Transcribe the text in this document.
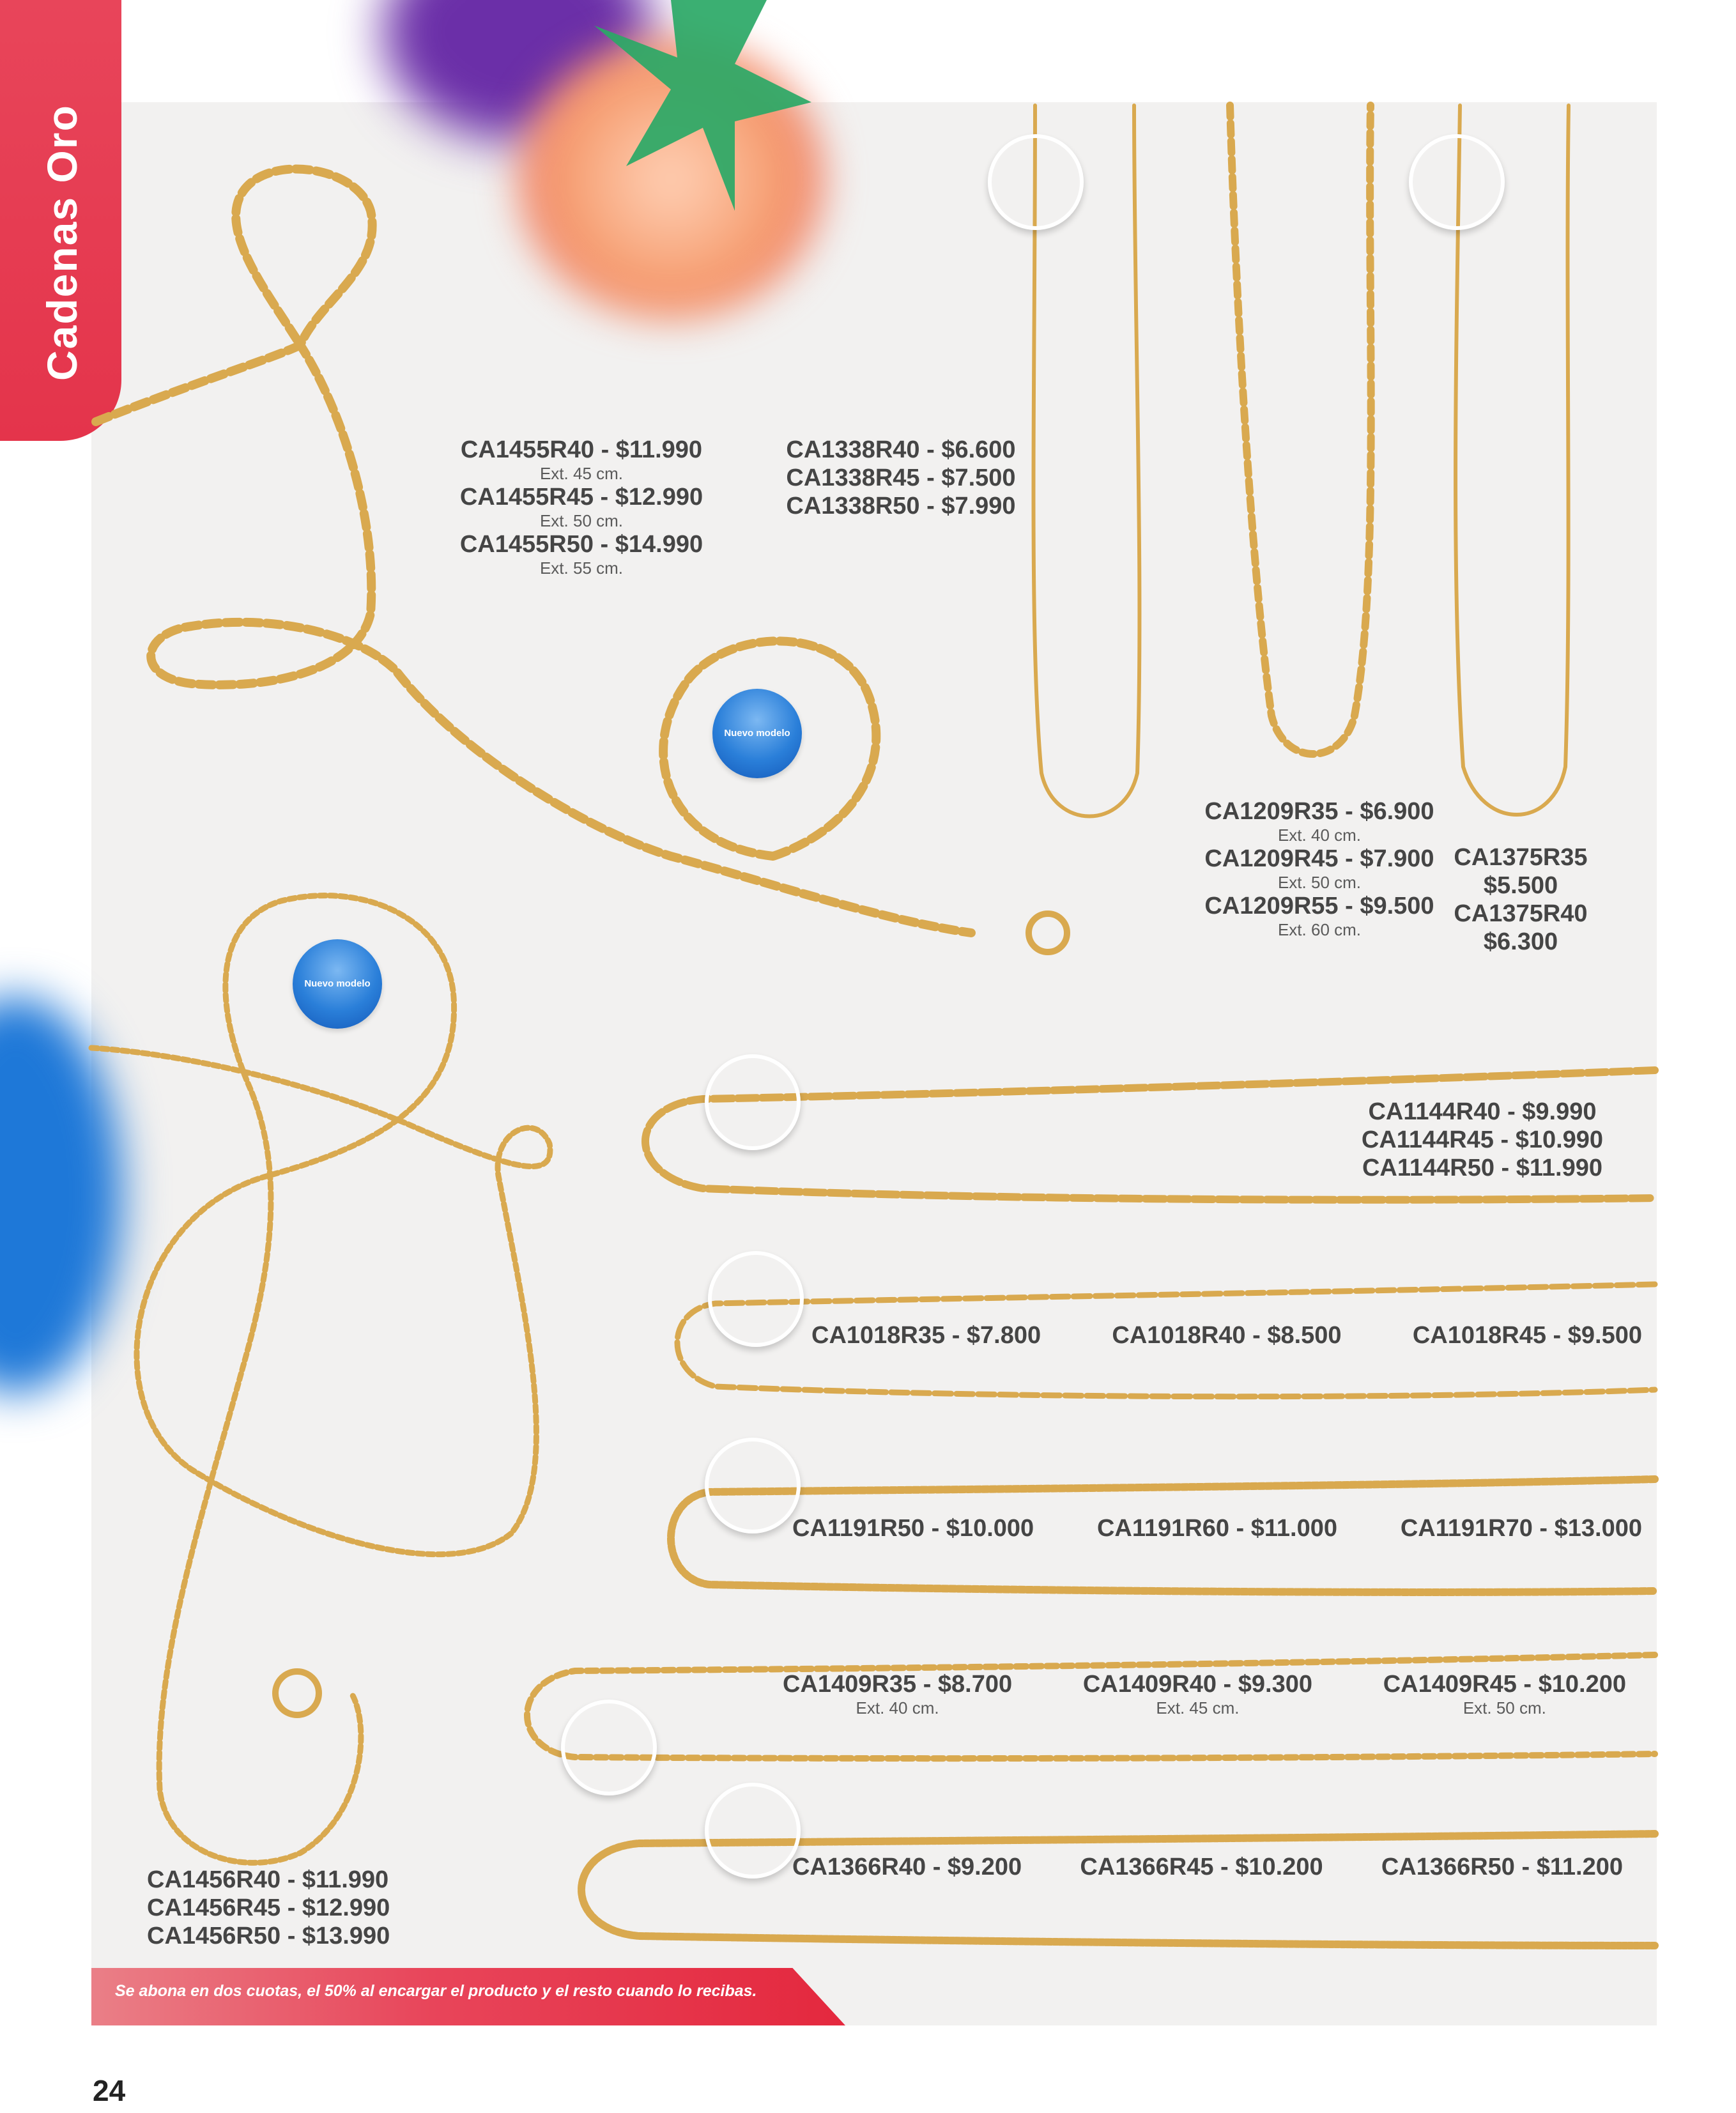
Cadenas Oro
Nuevo modelo
Nuevo modelo
CA1455R40 - $11.990
Ext. 45 cm.
CA1455R45 - $12.990
Ext. 50 cm.
CA1455R50 - $14.990
Ext. 55 cm.
CA1338R40 - $6.600
CA1338R45 - $7.500
CA1338R50 - $7.990
CA1209R35 - $6.900
Ext. 40 cm.
CA1209R45 - $7.900
Ext. 50 cm.
CA1209R55 - $9.500
Ext. 60 cm.
CA1375R35
$5.500
CA1375R40
$6.300
CA1144R40 - $9.990
CA1144R45 - $10.990
CA1144R50 - $11.990
CA1018R35 - $7.800	CA1018R40 - $8.500	CA1018R45 - $9.500
CA1191R50 - $10.000	CA1191R60 - $11.000	CA1191R70 - $13.000
CA1409R35 - $8.700
Ext. 40 cm.
CA1409R40 - $9.300
Ext. 45 cm.
CA1409R45 - $10.200
Ext. 50 cm.
CA1366R40 - $9.200 CA1366R45 - $10.200 CA1366R50 - $11.200
CA1456R40 - $11.990
CA1456R45 - $12.990
CA1456R50 - $13.990
Se abona en dos cuotas, el 50% al encargar el producto y el resto cuando lo recibas.
24
